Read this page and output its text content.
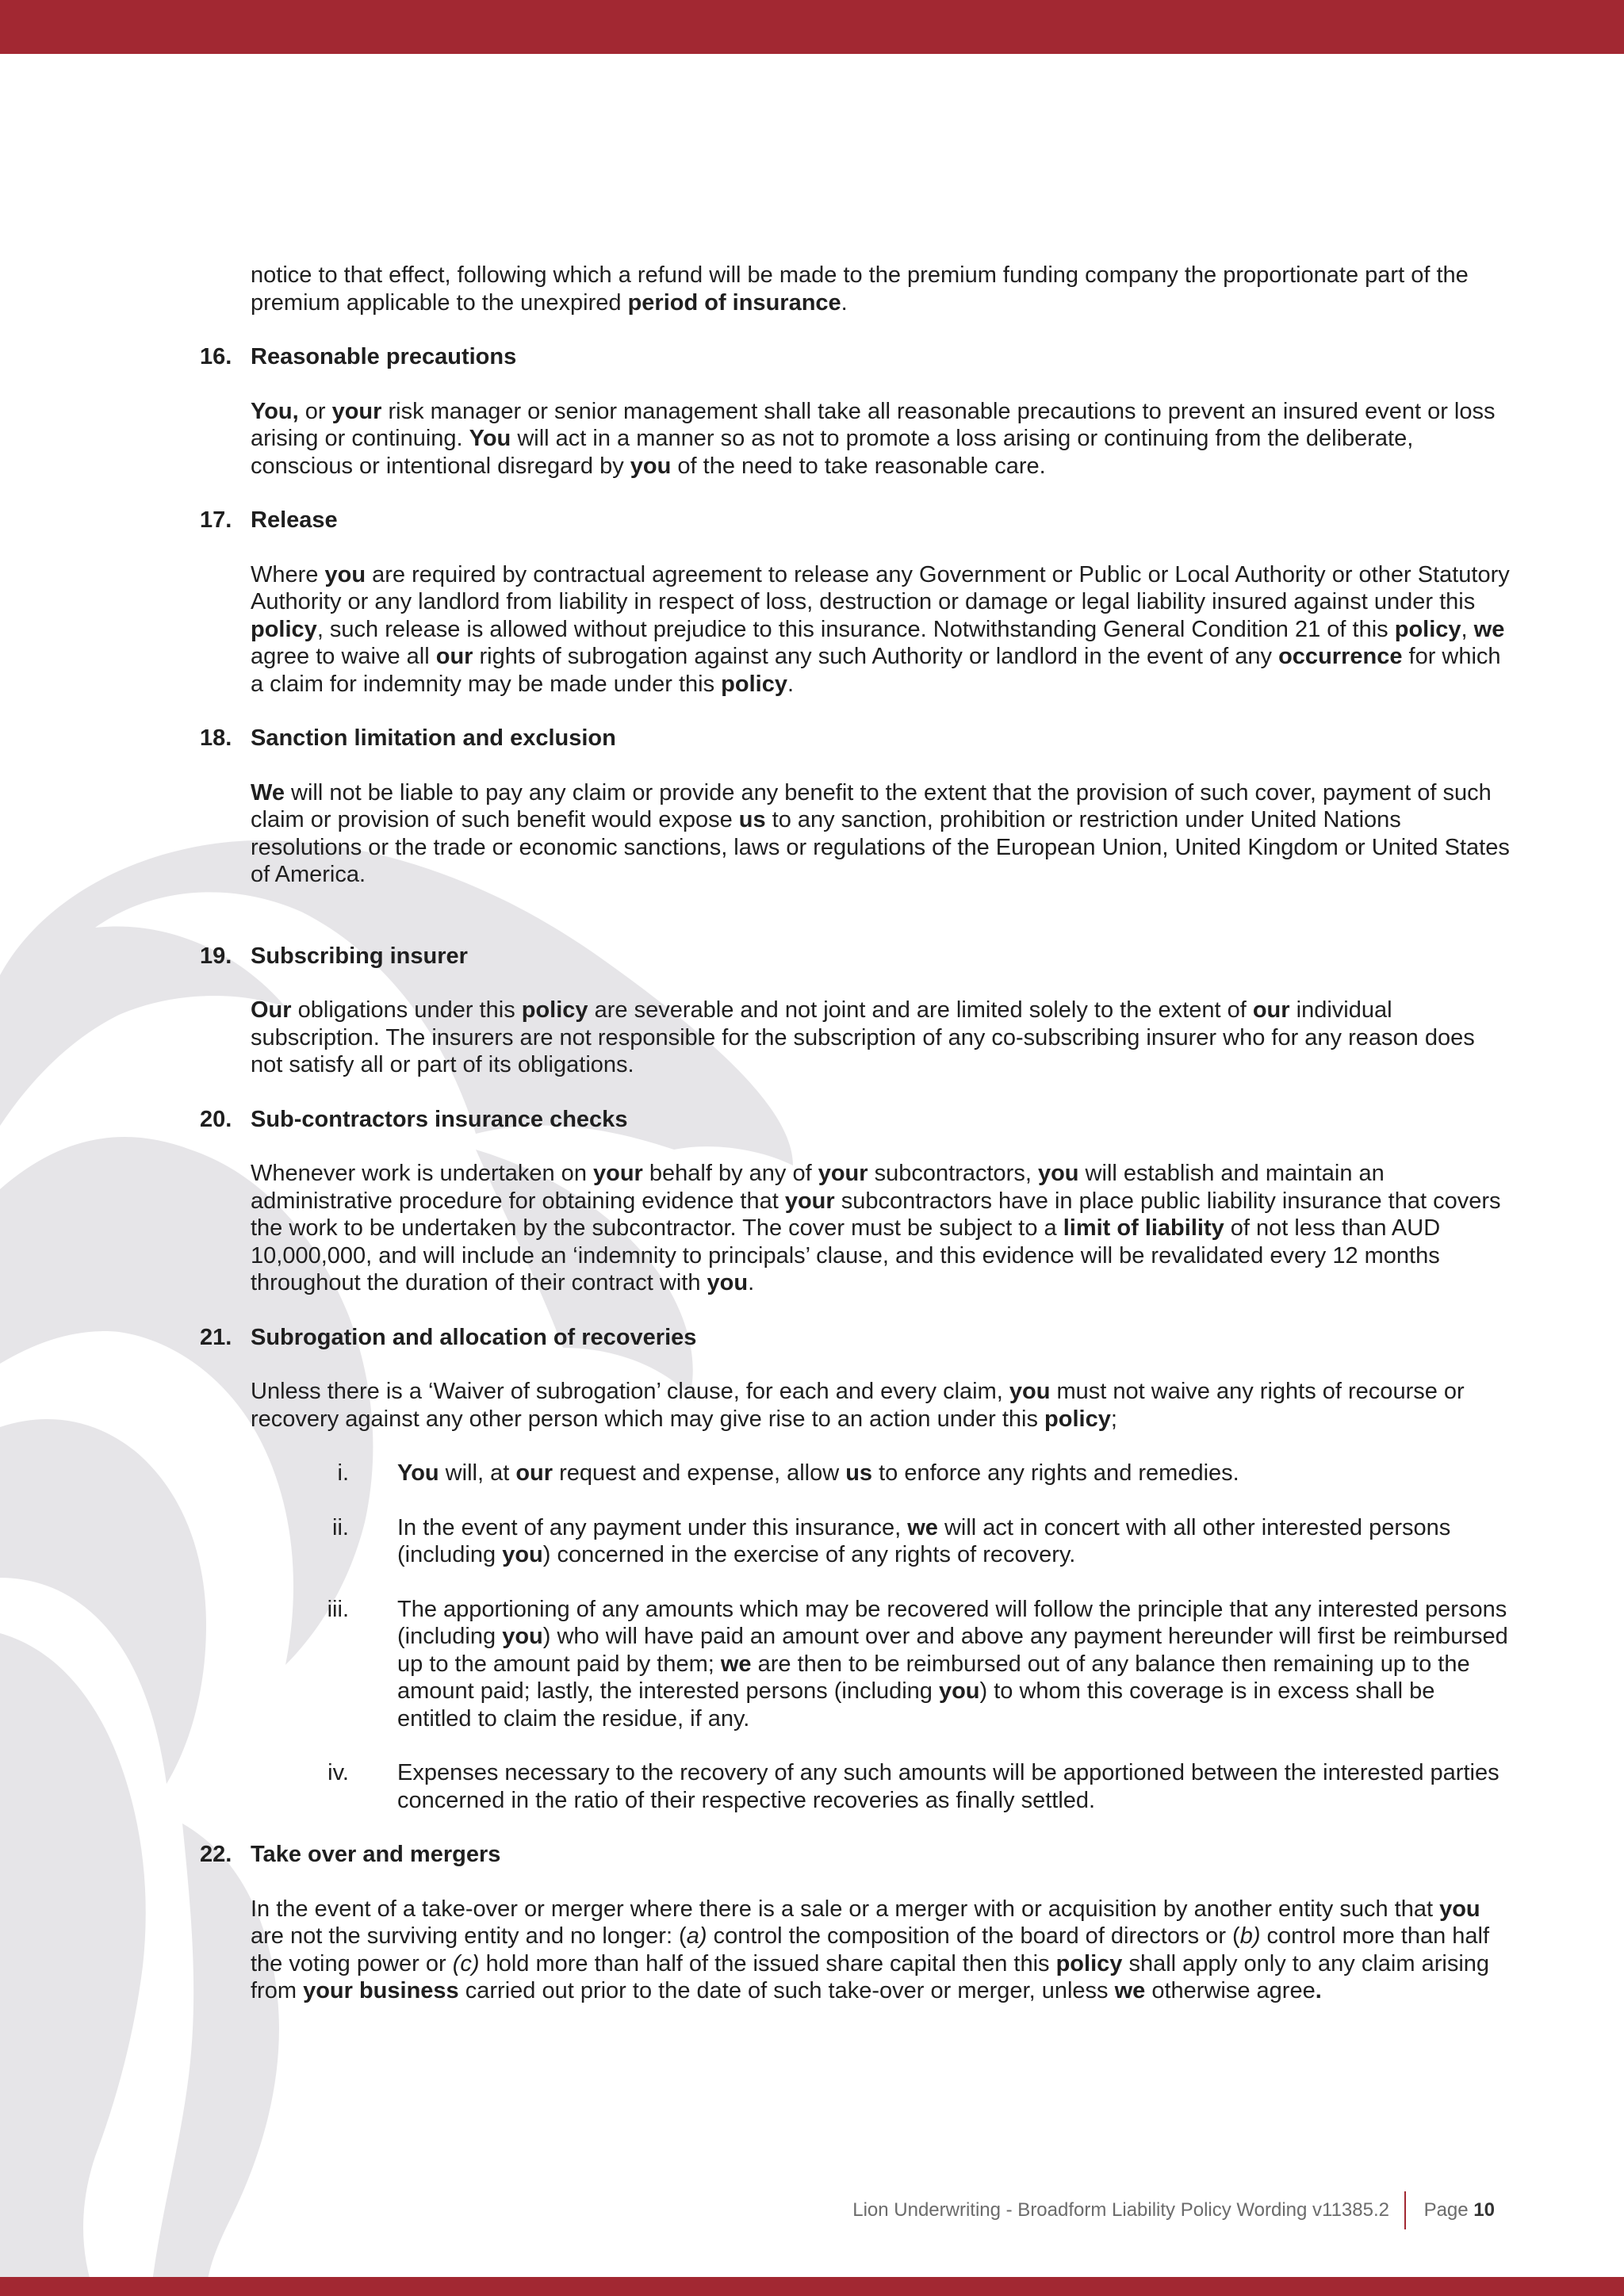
notice to that effect, following which a refund will be made to the premium funding company the proportionate part of the premium applicable to the unexpired period of insurance.

16. Reasonable precautions

You, or your risk manager or senior management shall take all reasonable precautions to prevent an insured event or loss arising or continuing. You will act in a manner so as not to promote a loss arising or continuing from the deliberate, conscious or intentional disregard by you of the need to take reasonable care.

17. Release

Where you are required by contractual agreement to release any Government or Public or Local Authority or other Statutory Authority or any landlord from liability in respect of loss, destruction or damage or legal liability insured against under this policy, such release is allowed without prejudice to this insurance. Notwithstanding General Condition 21 of this policy, we agree to waive all our rights of subrogation against any such Authority or landlord in the event of any occurrence for which a claim for indemnity may be made under this policy.

18. Sanction limitation and exclusion

We will not be liable to pay any claim or provide any benefit to the extent that the provision of such cover, payment of such claim or provision of such benefit would expose us to any sanction, prohibition or restriction under United Nations resolutions or the trade or economic sanctions, laws or regulations of the European Union, United Kingdom or United States of America.

19. Subscribing insurer

Our obligations under this policy are severable and not joint and are limited solely to the extent of our individual subscription. The insurers are not responsible for the subscription of any co-subscribing insurer who for any reason does not satisfy all or part of its obligations.

20. Sub-contractors insurance checks

Whenever work is undertaken on your behalf by any of your subcontractors, you will establish and maintain an administrative procedure for obtaining evidence that your subcontractors have in place public liability insurance that covers the work to be undertaken by the subcontractor. The cover must be subject to a limit of liability of not less than AUD 10,000,000, and will include an ‘indemnity to principals’ clause, and this evidence will be revalidated every 12 months throughout the duration of their contract with you.

21. Subrogation and allocation of recoveries

Unless there is a ‘Waiver of subrogation’ clause, for each and every claim, you must not waive any rights of recourse or recovery against any other person which may give rise to an action under this policy;

i. You will, at our request and expense, allow us to enforce any rights and remedies.
ii. In the event of any payment under this insurance, we will act in concert with all other interested persons (including you) concerned in the exercise of any rights of recovery.
iii. The apportioning of any amounts which may be recovered will follow the principle that any interested persons (including you) who will have paid an amount over and above any payment hereunder will first be reimbursed up to the amount paid by them; we are then to be reimbursed out of any balance then remaining up to the amount paid; lastly, the interested persons (including you) to whom this coverage is in excess shall be entitled to claim the residue, if any.
iv. Expenses necessary to the recovery of any such amounts will be apportioned between the interested parties concerned in the ratio of their respective recoveries as finally settled.
22. Take over and mergers

In the event of a take-over or merger where there is a sale or a merger with or acquisition by another entity such that you are not the surviving entity and no longer: (a) control the composition of the board of directors or (b) control more than half the voting power or (c) hold more than half of the issued share capital then this policy shall apply only to any claim arising from your business carried out prior to the date of such take-over or merger, unless we otherwise agree.

Lion Underwriting - Broadform Liability Policy Wording v11385.2 Page 10
